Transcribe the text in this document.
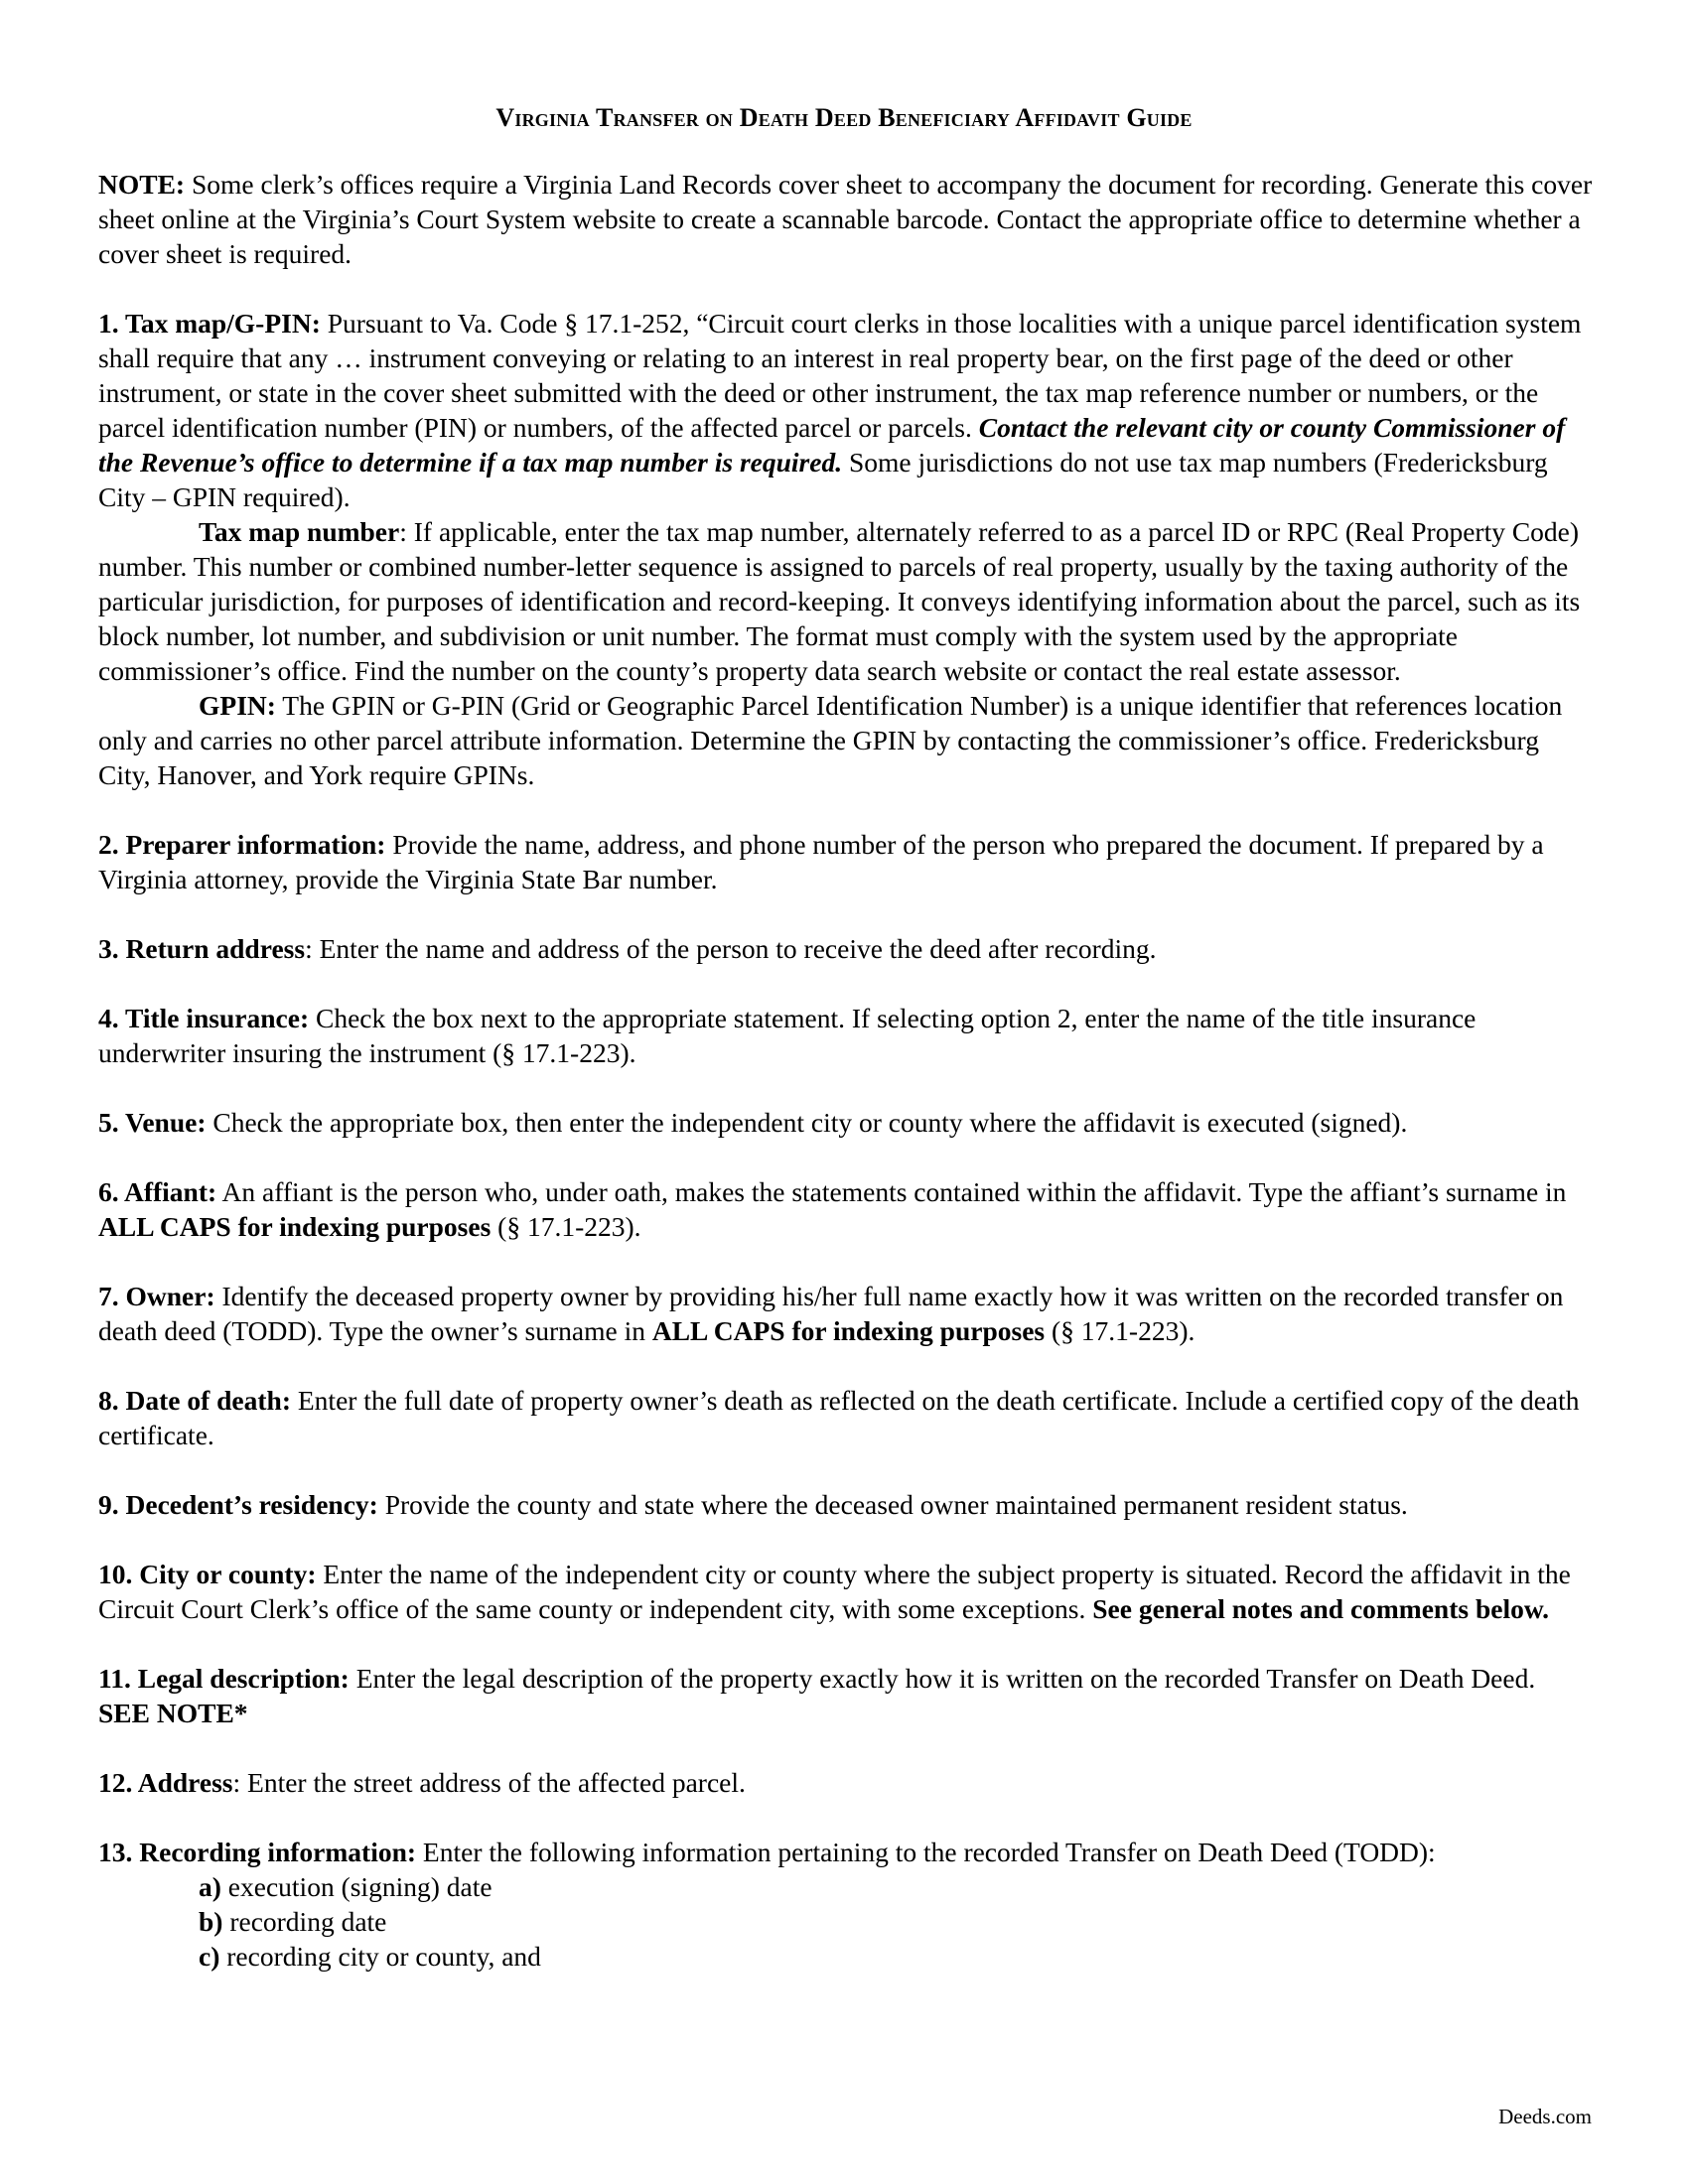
Virginia Transfer on Death Deed Beneficiary Affidavit Guide

NOTE: Some clerk’s offices require a Virginia Land Records cover sheet to accompany the document for recording. Generate this cover sheet online at the Virginia’s Court System website to create a scannable barcode. Contact the appropriate office to determine whether a cover sheet is required.

1. Tax map/G-PIN: Pursuant to Va. Code § 17.1-252, “Circuit court clerks in those localities with a unique parcel identification system shall require that any … instrument conveying or relating to an interest in real property bear, on the first page of the deed or other instrument, or state in the cover sheet submitted with the deed or other instrument, the tax map reference number or numbers, or the parcel identification number (PIN) or numbers, of the affected parcel or parcels. Contact the relevant city or county Commissioner of the Revenue’s office to determine if a tax map number is required. Some jurisdictions do not use tax map numbers (Fredericksburg City – GPIN required).

Tax map number: If applicable, enter the tax map number, alternately referred to as a parcel ID or RPC (Real Property Code) number. This number or combined number-letter sequence is assigned to parcels of real property, usually by the taxing authority of the particular jurisdiction, for purposes of identification and record-keeping. It conveys identifying information about the parcel, such as its block number, lot number, and subdivision or unit number. The format must comply with the system used by the appropriate commissioner’s office. Find the number on the county’s property data search website or contact the real estate assessor.

GPIN: The GPIN or G-PIN (Grid or Geographic Parcel Identification Number) is a unique identifier that references location only and carries no other parcel attribute information. Determine the GPIN by contacting the commissioner’s office. Fredericksburg City, Hanover, and York require GPINs.

2. Preparer information: Provide the name, address, and phone number of the person who prepared the document. If prepared by a Virginia attorney, provide the Virginia State Bar number.

3. Return address: Enter the name and address of the person to receive the deed after recording.

4. Title insurance: Check the box next to the appropriate statement. If selecting option 2, enter the name of the title insurance underwriter insuring the instrument (§ 17.1-223).

5. Venue: Check the appropriate box, then enter the independent city or county where the affidavit is executed (signed).

6. Affiant: An affiant is the person who, under oath, makes the statements contained within the affidavit. Type the affiant’s surname in ALL CAPS for indexing purposes (§ 17.1-223).

7. Owner: Identify the deceased property owner by providing his/her full name exactly how it was written on the recorded transfer on death deed (TODD). Type the owner’s surname in ALL CAPS for indexing purposes (§ 17.1-223).

8. Date of death: Enter the full date of property owner’s death as reflected on the death certificate. Include a certified copy of the death certificate.

9. Decedent’s residency: Provide the county and state where the deceased owner maintained permanent resident status.

10. City or county: Enter the name of the independent city or county where the subject property is situated. Record the affidavit in the Circuit Court Clerk’s office of the same county or independent city, with some exceptions. See general notes and comments below.

11. Legal description: Enter the legal description of the property exactly how it is written on the recorded Transfer on Death Deed. SEE NOTE*

12. Address: Enter the street address of the affected parcel.

13. Recording information: Enter the following information pertaining to the recorded Transfer on Death Deed (TODD):

a) execution (signing) date
b) recording date
c) recording city or county, and
Deeds.com
